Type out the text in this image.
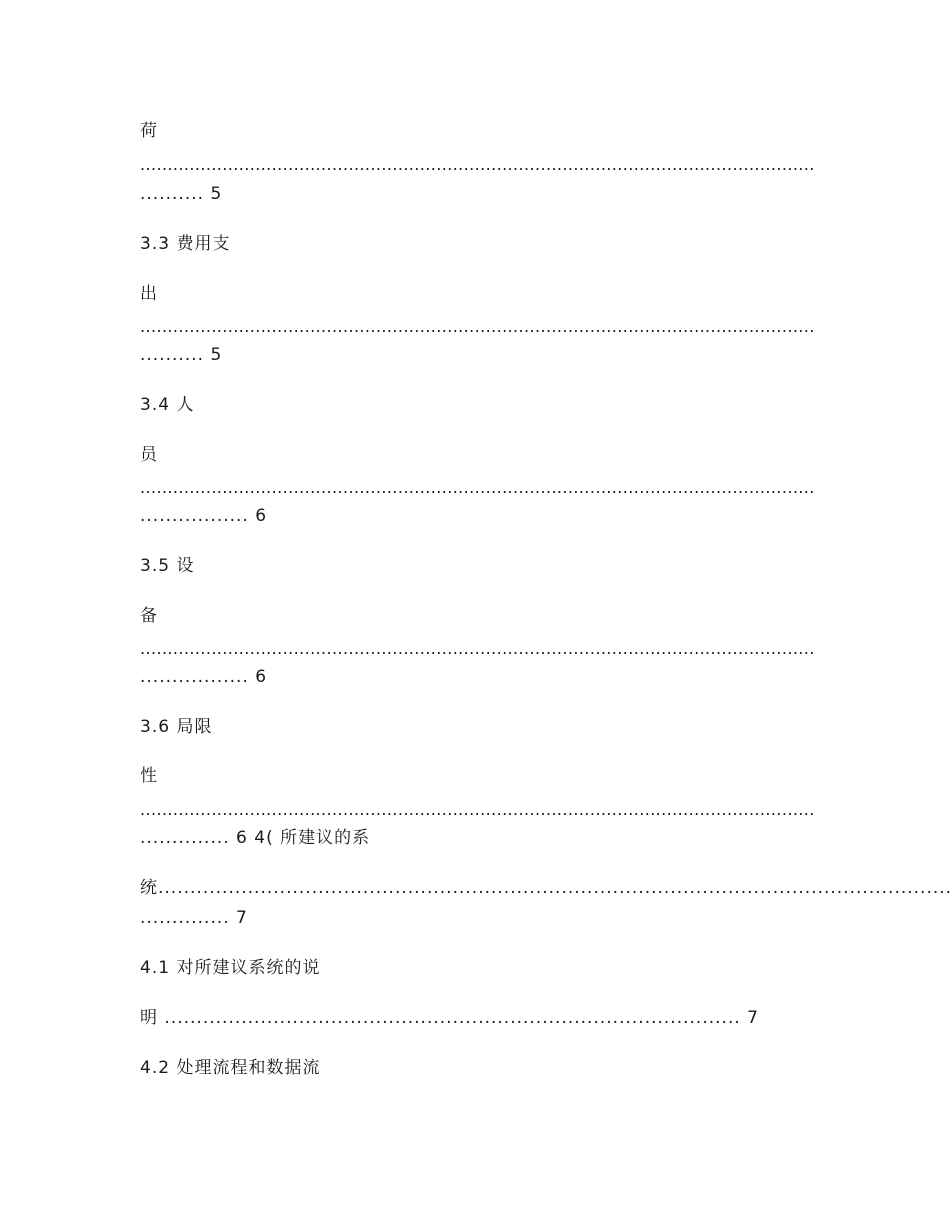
荷
...........................................................................................................................
.......... 5
3.3 费用支
出
...........................................................................................................................
.......... 5
3.4 人
员
...........................................................................................................................
................. 6
3.5 设
备
...........................................................................................................................
................. 6
3.6 局限
性
...........................................................................................................................
.............. 6 4( 所建议的系
统............................................................................................................................
.............. 7
4.1 对所建议系统的说
明 .......................................................................................... 7
4.2 处理流程和数据流
